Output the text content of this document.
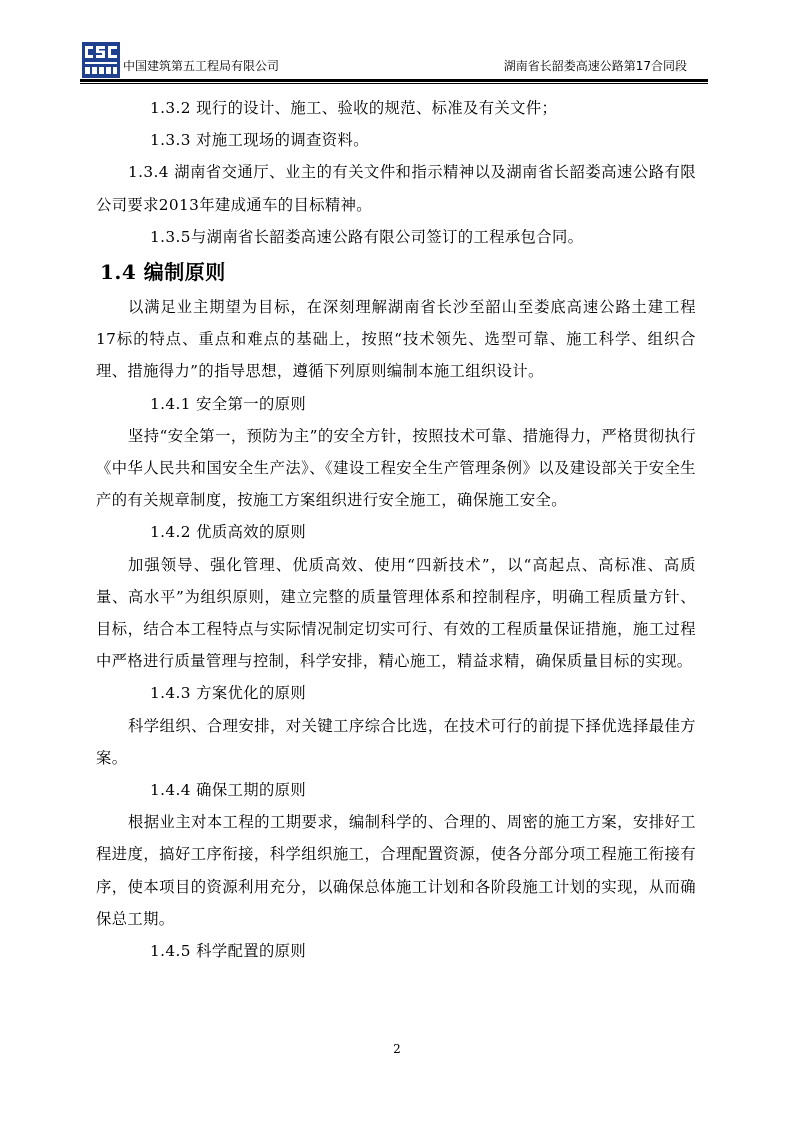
中国建筑第五工程局有限公司	湖南省长韶娄高速公路第17合同段

1.3.2 现行的设计、施工、验收的规范、标准及有关文件；

1.3.3 对施工现场的调查资料。

1.3.4 湖南省交通厅、业主的有关文件和指示精神以及湖南省长韶娄高速公路有限公司要求2013年建成通车的目标精神。

1.3.5与湖南省长韶娄高速公路有限公司签订的工程承包合同。

1.4 编制原则

以满足业主期望为目标，在深刻理解湖南省长沙至韶山至娄底高速公路土建工程17标的特点、重点和难点的基础上，按照“技术领先、选型可靠、施工科学、组织合理、措施得力”的指导思想，遵循下列原则编制本施工组织设计。

1.4.1 安全第一的原则

坚持“安全第一，预防为主”的安全方针，按照技术可靠、措施得力，严格贯彻执行《中华人民共和国安全生产法》、《建设工程安全生产管理条例》以及建设部关于安全生产的有关规章制度，按施工方案组织进行安全施工，确保施工安全。

1.4.2 优质高效的原则

加强领导、强化管理、优质高效、使用“四新技术”，以“高起点、高标准、高质量、高水平”为组织原则，建立完整的质量管理体系和控制程序，明确工程质量方针、目标，结合本工程特点与实际情况制定切实可行、有效的工程质量保证措施，施工过程中严格进行质量管理与控制，科学安排，精心施工，精益求精，确保质量目标的实现。

1.4.3 方案优化的原则

科学组织、合理安排，对关键工序综合比选，在技术可行的前提下择优选择最佳方案。

1.4.4 确保工期的原则

根据业主对本工程的工期要求，编制科学的、合理的、周密的施工方案，安排好工程进度，搞好工序衔接，科学组织施工，合理配置资源，使各分部分项工程施工衔接有序，使本项目的资源利用充分，以确保总体施工计划和各阶段施工计划的实现，从而确保总工期。

1.4.5 科学配置的原则

2
